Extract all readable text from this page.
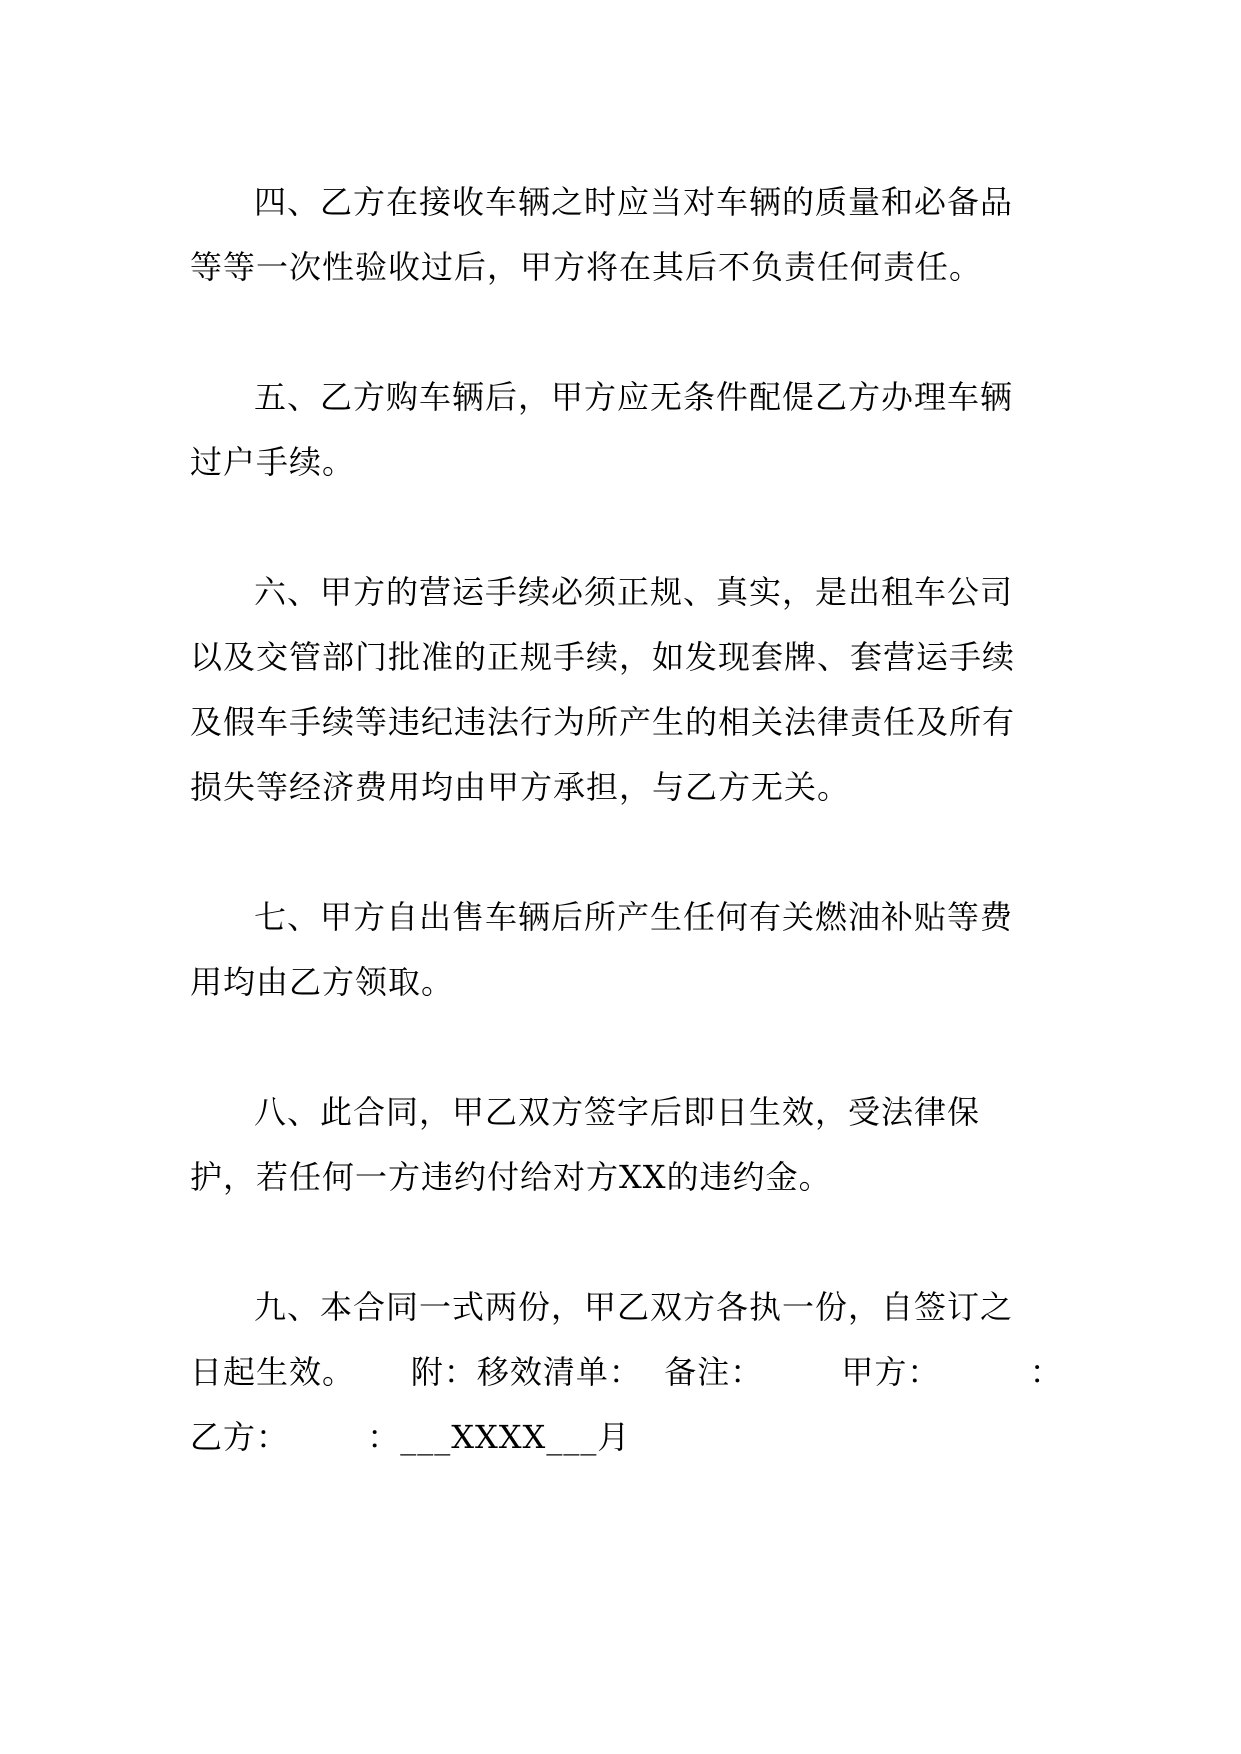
四、乙方在接收车辆之时应当对车辆的质量和必备品
等等一次性验收过后，甲方将在其后不负责任何责任。
五、乙方购车辆后，甲方应无条件配偍乙方办理车辆
过户手续。
六、甲方的营运手续必须正规、真实，是出租车公司
以及交管部门批准的正规手续，如发现套牌、套营运手续
及假车手续等违纪违法行为所产生的相关法律责任及所有
损失等经济费用均由甲方承担，与乙方无关。
七、甲方自出售车辆后所产生任何有关燃油补贴等费
用均由乙方领取。
八、此合同，甲乙双方签字后即日生效，受法律保
护，若任何一方违约付给对方XX的违约金。
九、本合同一式两份，甲乙双方各执一份，自签订之
日起生效。     附：移效清单：  备注：       甲方：        ：
乙方：       ：___XXXX___月
